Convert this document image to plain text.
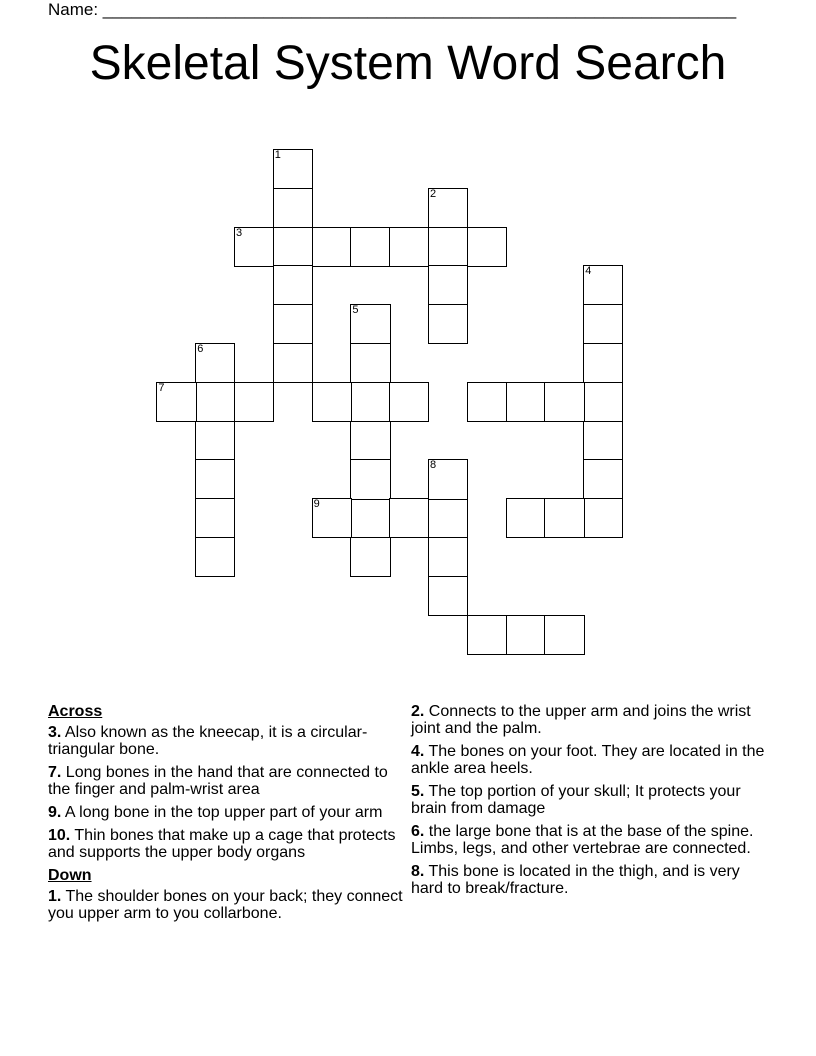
Name: ___________________________________________________________________
Skeletal System Word Search
1
2
3
4
5
6
7
9
8
Across
3. Also known as the kneecap, it is a circular-triangular bone.
7. Long bones in the hand that are connected to the finger and palm-wrist area
9. A long bone in the top upper part of your arm
10. Thin bones that make up a cage that protects and supports the upper body organs
Down
1. The shoulder bones on your back; they connect you upper arm to you collarbone.
2. Connects to the upper arm and joins the wrist joint and the palm.
4. The bones on your foot. They are located in the ankle area heels.
5. The top portion of your skull; It protects your brain from damage
6. the large bone that is at the base of the spine. Limbs, legs, and other vertebrae are connected.
8. This bone is located in the thigh, and is very hard to break/fracture.
